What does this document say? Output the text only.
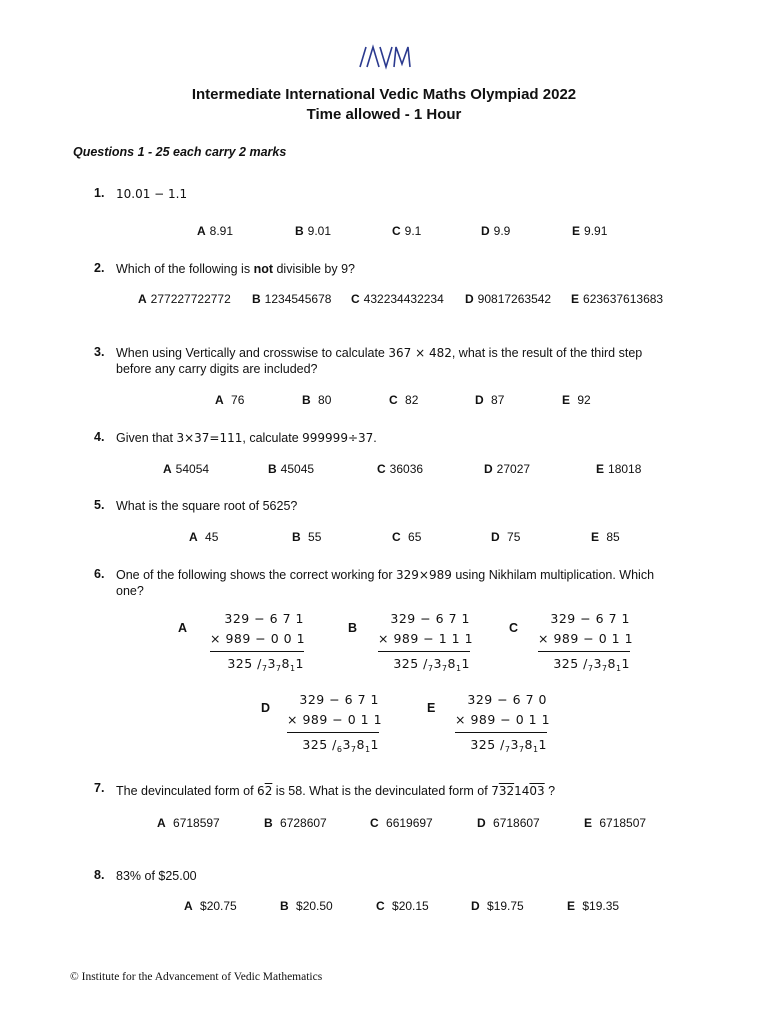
Intermediate International Vedic Maths Olympiad 2022
Time allowed - 1 Hour
Questions 1 - 25 each carry 2 marks
1. 10.01 − 1.1
A 8.91	B 9.01	C 9.1	D 9.9	E 9.91
2. Which of the following is not divisible by 9?
A 277227722772 B 1234545678 C 432234432234 D 90817263542 E 623637613683
3. When using Vertically and crosswise to calculate 367 × 482, what is the result of the third step
before any carry digits are included?
A 76	B 80	C 82	D 87	E 92
4. Given that 3×37=111, calculate 999999÷37.
A 54054	B 45045	C 36036	D 27027	E 18018
5. What is the square root of 5625?
A 45	B 55	C 65	D 75	E 85
6. One of the following shows the correct working for 329×989 using Nikhilam multiplication. Which
one?
A
329 − 6 7 1
× 989 − 0 0 1
325 $/_73_78_11$
B
329 − 6 7 1
× 989 − 1 1 1
325 $/_73_78_11$
C
329 − 6 7 1
× 989 − 0 1 1
325 $/_73_78_11$
D
329 − 6 7 1
× 989 − 0 1 1
325 $/_63_78_11$
E
329 − 6 7 0
× 989 − 0 1 1
325 $/_73_78_11$
7. The devinculated form of 62 is 58. What is the devinculated form of 7321403 ?
A 6718597	B 6728607	C 6619697	D 6718607	E 6718507
8. 83% of $25.00
A $20.75	B $20.50	C $20.15	D $19.75	E $19.35
© Institute for the Advancement of Vedic Mathematics
